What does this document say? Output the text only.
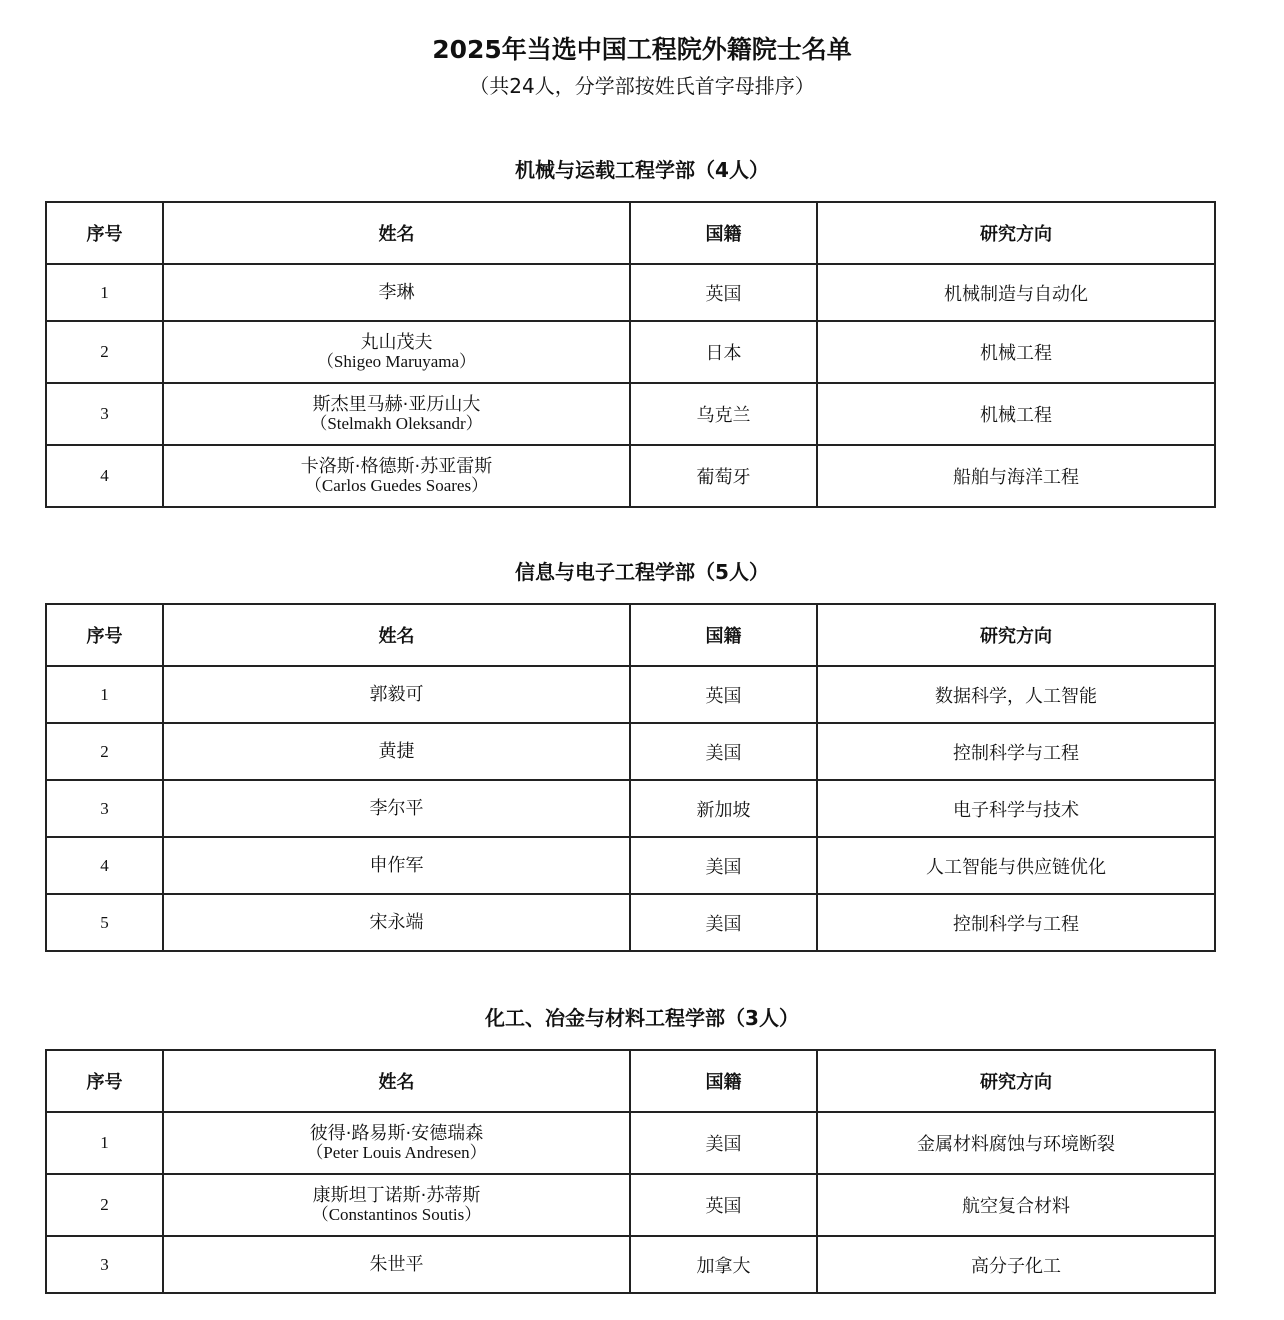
2025年当选中国工程院外籍院士名单
（共24人，分学部按姓氏首字母排序）
机械与运载工程学部（4人）
序号	姓名	国籍	研究方向
1	李琳	英国	机械制造与自动化
2	丸山茂夫
（Shigeo Maruyama）	日本	机械工程
3	斯杰里马赫·亚历山大
（Stelmakh Oleksandr）	乌克兰	机械工程
4	卡洛斯·格德斯·苏亚雷斯
（Carlos Guedes Soares）	葡萄牙	船舶与海洋工程
信息与电子工程学部（5人）
序号	姓名	国籍	研究方向
1	郭毅可	英国	数据科学，人工智能
2	黄捷	美国	控制科学与工程
3	李尔平	新加坡	电子科学与技术
4	申作军	美国	人工智能与供应链优化
5	宋永端	美国	控制科学与工程
化工、冶金与材料工程学部（3人）
序号	姓名	国籍	研究方向
1	彼得·路易斯·安德瑞森
（Peter Louis Andresen）	美国	金属材料腐蚀与环境断裂
2	康斯坦丁诺斯·苏蒂斯
（Constantinos Soutis）	英国	航空复合材料
3	朱世平	加拿大	高分子化工
